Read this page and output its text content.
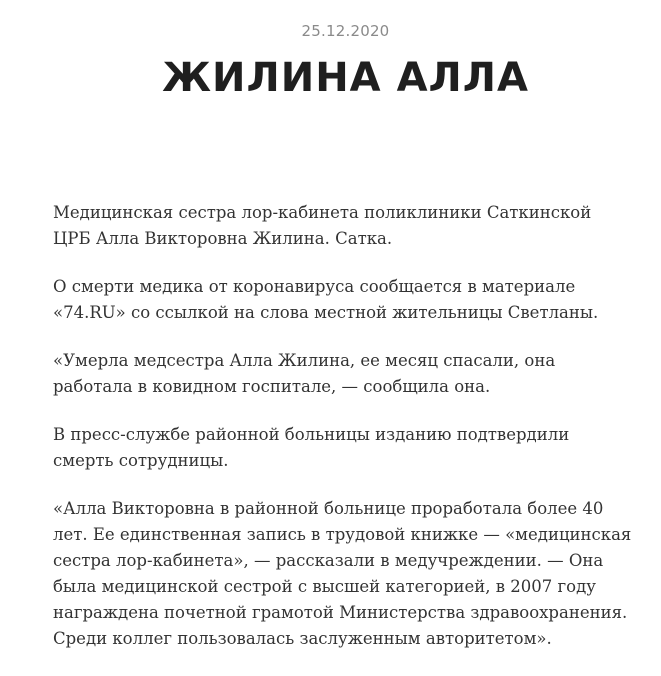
25.12.2020
ЖИЛИНА АЛЛА

Медицинская сестра лор-кабинета поликлиники Саткинской ЦРБ Алла Викторовна Жилина. Сатка.

О смерти медика от коронавируса сообщается в материале «74.RU» со ссылкой на слова местной жительницы Светланы.

«Умерла медсестра Алла Жилина, ее месяц спасали, она работала в ковидном госпитале, — сообщила она.

В пресс-службе районной больницы изданию подтвердили смерть сотрудницы.

«Алла Викторовна в районной больнице проработала более 40 лет. Ее единственная запись в трудовой книжке — «медицинская сестра лор-кабинета», — рассказали в медучреждении. — Она была медицинской сестрой с высшей категорией, в 2007 году награждена почетной грамотой Министерства здравоохранения. Среди коллег пользовалась заслуженным авторитетом».
